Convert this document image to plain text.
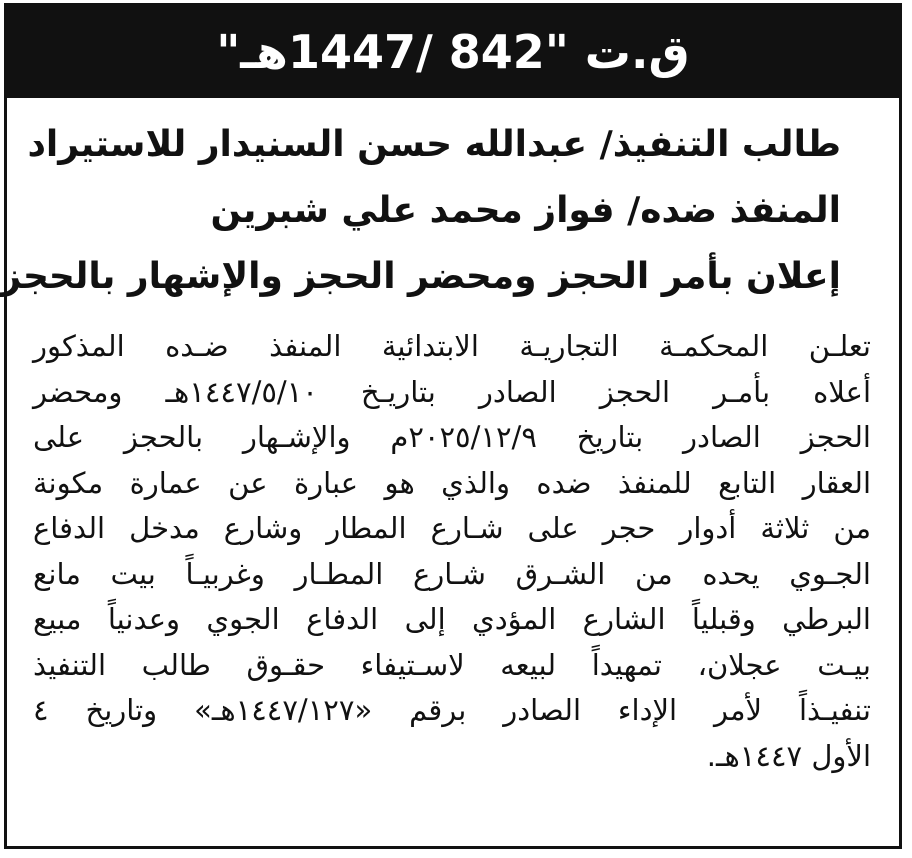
ق.ت "842 /1447هـ"
طالب التنفيذ/ عبدالله حسن السنيدار للاستيراد
المنفذ ضده/ فواز محمد علي شبرين
إعلان بأمر الحجز ومحضر الحجز والإشهار بالحجز
تعلـن المحكمـة التجاريـة الابتدائية المنفذ ضـده المذكور
أعلاه بأمـر الحجز الصادر بتاريـخ ١٤٤٧/٥/١٠هـ ومحضر
الحجز الصادر بتاريخ ٢٠٢٥/١٢/٩م والإشـهار بالحجز على
العقار التابع للمنفذ ضده والذي هو عبارة عن عمارة مكونة
من ثلاثة أدوار حجر على شـارع المطار وشارع مدخل الدفاع
الجـوي يحده من الشـرق شـارع المطـار وغربيـاً بيت مانع
البرطي وقبلياً الشارع المؤدي إلى الدفاع الجوي وعدنياً مبيع
بيـت عجلان، تمهيداً لبيعه لاسـتيفاء حقـوق طالب التنفيذ
تنفيـذاً لأمر الإداء الصادر برقم «١٤٤٧/١٢٧هـ» وتاريخ ٤
الأول ١٤٤٧هـ.
